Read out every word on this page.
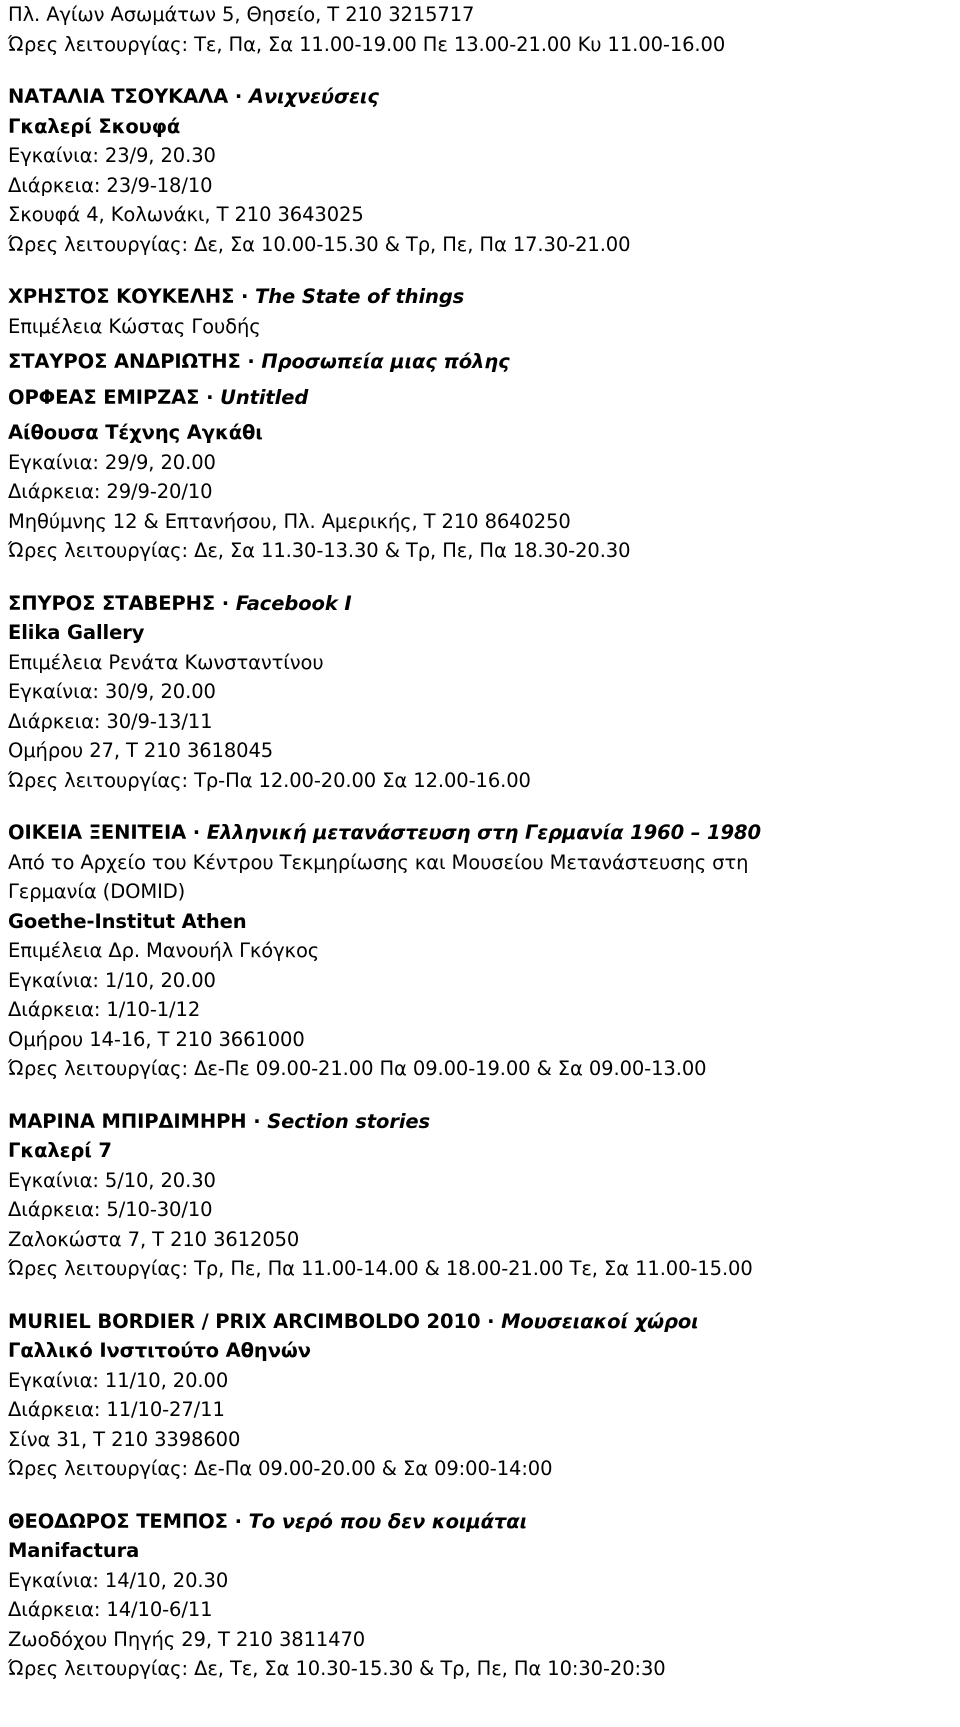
Πλ. Αγίων Ασωμάτων 5, Θησείο, Τ 210 3215717
Ώρες λειτουργίας: Τε, Πα, Σα 11.00-19.00 Πε 13.00-21.00 Κυ 11.00-16.00
ΝΑΤΑΛΙΑ ΤΣΟΥΚΑΛΑ · Ανιχνεύσεις
Γκαλερί Σκουφά
Εγκαίνια: 23/9, 20.30
Διάρκεια: 23/9-18/10
Σκουφά 4, Κολωνάκι, Τ 210 3643025
Ώρες λειτουργίας: Δε, Σα 10.00-15.30 & Τρ, Πε, Πα 17.30-21.00
ΧΡΗΣΤΟΣ ΚΟΥΚΕΛΗΣ · The State of things
Επιμέλεια Κώστας Γουδής
ΣΤΑΥΡΟΣ ΑΝΔΡΙΩΤΗΣ · Προσωπεία μιας πόλης
ΟΡΦΕΑΣ ΕΜΙΡΖΑΣ · Untitled
Αίθουσα Τέχνης Αγκάθι
Εγκαίνια: 29/9, 20.00
Διάρκεια: 29/9-20/10
Μηθύμνης 12 & Επτανήσου, Πλ. Αμερικής, Τ 210 8640250
Ώρες λειτουργίας: Δε, Σα 11.30-13.30 & Τρ, Πε, Πα 18.30-20.30
ΣΠΥΡΟΣ ΣΤΑΒΕΡΗΣ · Facebook I
Elika Gallery
Επιμέλεια Ρενάτα Κωνσταντίνου
Εγκαίνια: 30/9, 20.00
Διάρκεια: 30/9-13/11
Ομήρου 27, Τ 210 3618045
Ώρες λειτουργίας: Τρ-Πα 12.00-20.00 Σα 12.00-16.00
ΟΙΚΕΙΑ ΞΕΝΙΤΕΙΑ · Ελληνική μετανάστευση στη Γερμανία 1960 – 1980
Από το Αρχείο του Κέντρου Τεκμηρίωσης και Μουσείου Μετανάστευσης στη
Γερμανία (DOMID)
Goethe-Institut Athen
Επιμέλεια Δρ. Μανουήλ Γκόγκος
Εγκαίνια: 1/10, 20.00
Διάρκεια: 1/10-1/12
Ομήρου 14-16, Τ 210 3661000
Ώρες λειτουργίας: Δε-Πε 09.00-21.00 Πα 09.00-19.00 & Σα 09.00-13.00
ΜΑΡΙΝΑ ΜΠΙΡΔΙΜΗΡΗ · Section stories
Γκαλερί 7
Εγκαίνια: 5/10, 20.30
Διάρκεια: 5/10-30/10
Ζαλοκώστα 7, Τ 210 3612050
Ώρες λειτουργίας: Τρ, Πε, Πα 11.00-14.00 & 18.00-21.00 Τε, Σα 11.00-15.00
MURIEL BORDIER / PRIX ARCIMBOLDO 2010 · Μουσειακοί χώροι
Γαλλικό Ινστιτούτο Αθηνών
Εγκαίνια: 11/10, 20.00
Διάρκεια: 11/10-27/11
Σίνα 31, Τ 210 3398600
Ώρες λειτουργίας: Δε-Πα 09.00-20.00 & Σα 09:00-14:00
ΘΕΟΔΩΡΟΣ ΤΕΜΠΟΣ · Το νερό που δεν κοιμάται
Manifactura
Εγκαίνια: 14/10, 20.30
Διάρκεια: 14/10-6/11
Ζωοδόχου Πηγής 29, Τ 210 3811470
Ώρες λειτουργίας: Δε, Τε, Σα 10.30-15.30 & Τρ, Πε, Πα 10:30-20:30
